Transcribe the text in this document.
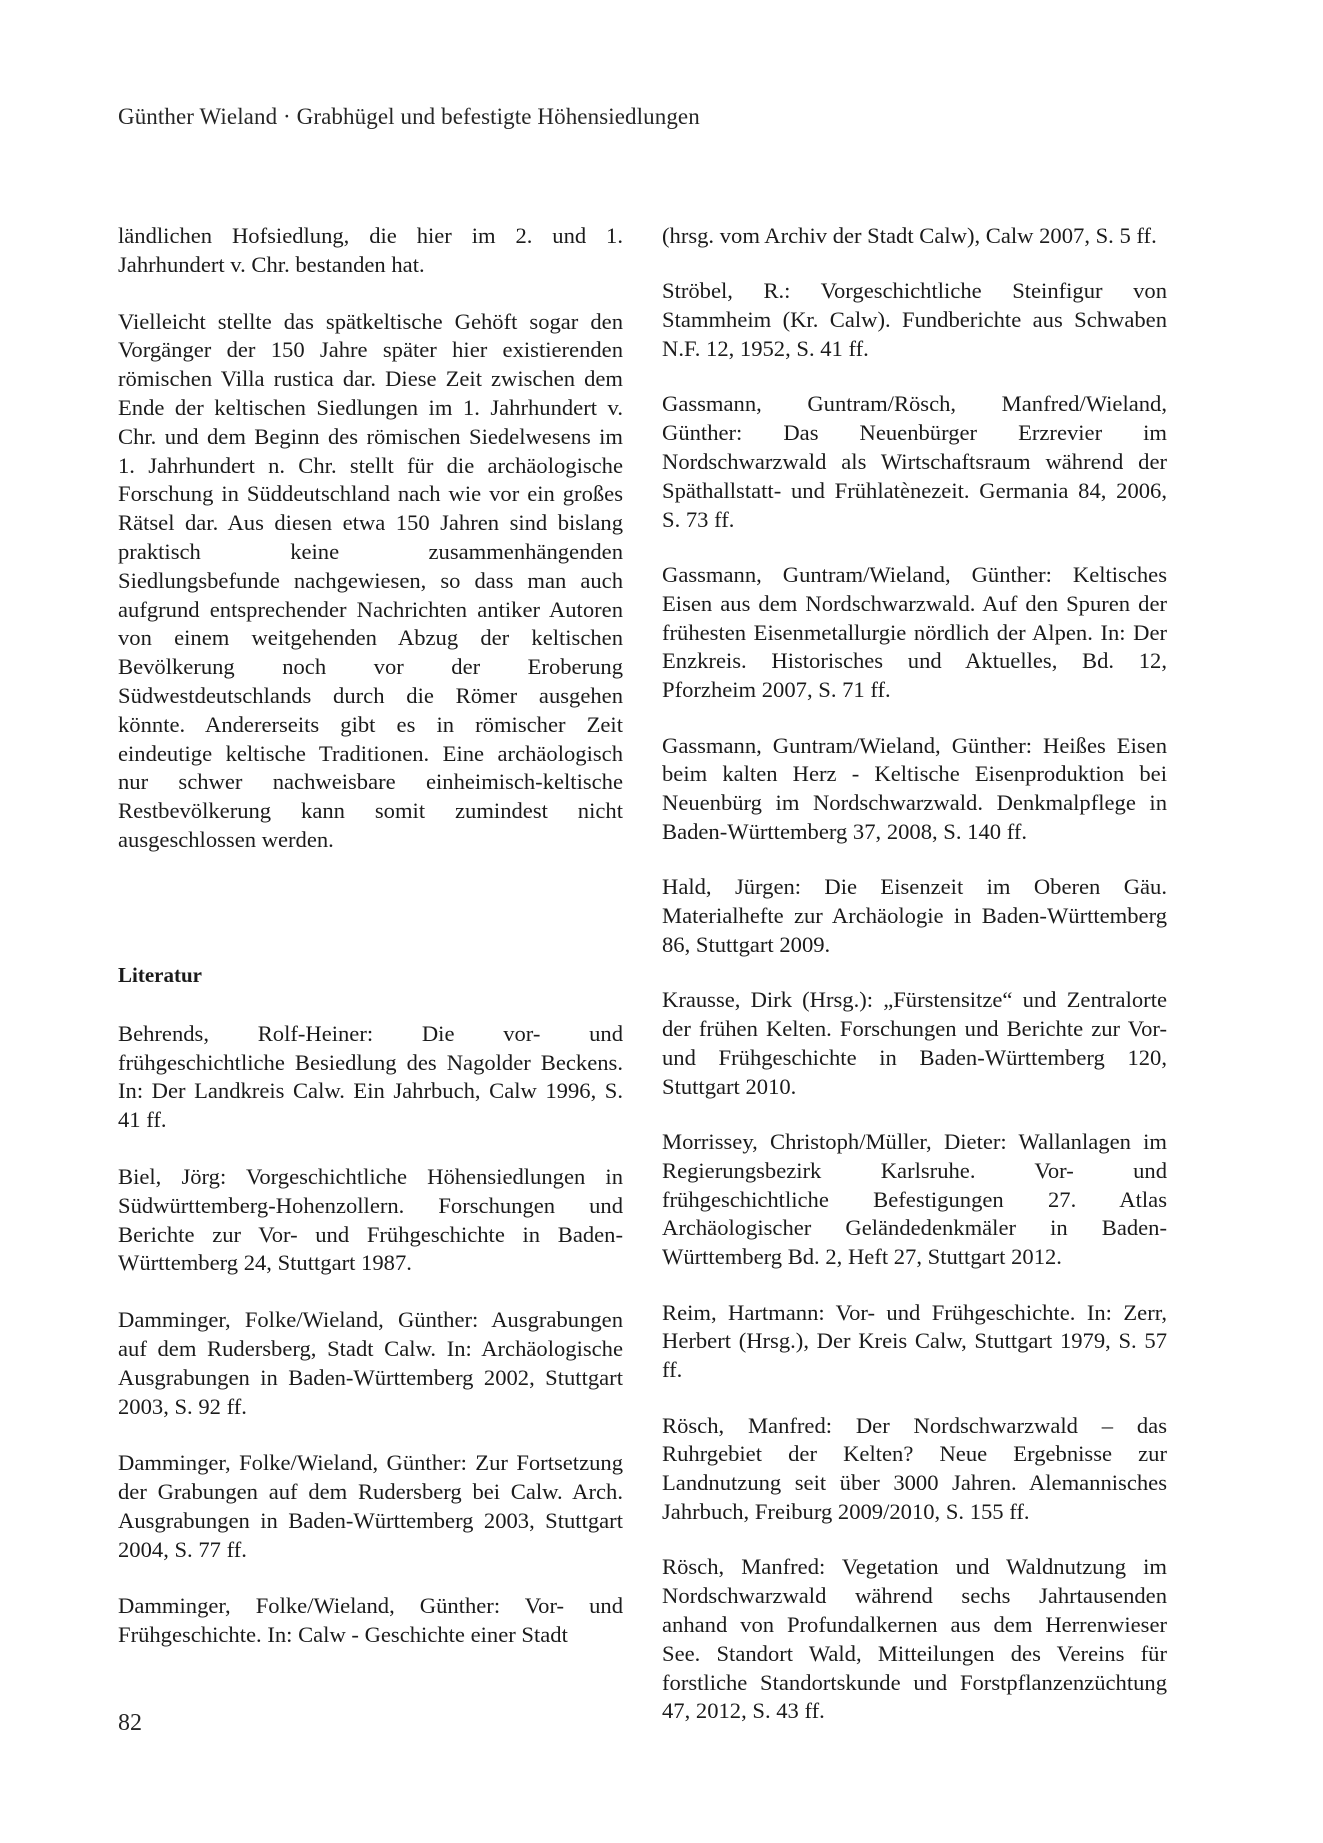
Günther Wieland · Grabhügel und befestigte Höhensiedlungen

ländlichen Hofsiedlung, die hier im 2. und 1. Jahrhundert v. Chr. bestanden hat.

Vielleicht stellte das spätkeltische Gehöft sogar den Vorgänger der 150 Jahre später hier existierenden römischen Villa rustica dar. Diese Zeit zwischen dem Ende der keltischen Siedlungen im 1. Jahrhundert v. Chr. und dem Beginn des römischen Siedelwesens im 1. Jahrhundert n. Chr. stellt für die archäologische Forschung in Süddeutschland nach wie vor ein großes Rätsel dar. Aus diesen etwa 150 Jahren sind bislang praktisch keine zusammenhängenden Siedlungsbefunde nachgewiesen, so dass man auch aufgrund entsprechender Nachrichten antiker Autoren von einem weitgehenden Abzug der keltischen Bevölkerung noch vor der Eroberung Südwestdeutschlands durch die Römer ausgehen könnte. Andererseits gibt es in römischer Zeit eindeutige keltische Traditionen. Eine archäologisch nur schwer nachweisbare einheimisch-keltische Restbevölkerung kann somit zumindest nicht ausgeschlossen werden.

Literatur

Behrends, Rolf-Heiner: Die vor- und frühgeschichtliche Besiedlung des Nagolder Beckens. In: Der Landkreis Calw. Ein Jahrbuch, Calw 1996, S. 41 ff.

Biel, Jörg: Vorgeschichtliche Höhensiedlungen in Südwürttemberg-Hohenzollern. Forschungen und Berichte zur Vor- und Frühgeschichte in Baden-Württemberg 24, Stuttgart 1987.

Damminger, Folke/Wieland, Günther: Ausgrabungen auf dem Rudersberg, Stadt Calw. In: Archäologische Ausgrabungen in Baden-Württemberg 2002, Stuttgart 2003, S. 92 ff.

Damminger, Folke/Wieland, Günther: Zur Fortsetzung der Grabungen auf dem Rudersberg bei Calw. Arch. Ausgrabungen in Baden-Württemberg 2003, Stuttgart 2004, S. 77 ff.

Damminger, Folke/Wieland, Günther: Vor- und Frühgeschichte. In: Calw - Geschichte einer Stadt

(hrsg. vom Archiv der Stadt Calw), Calw 2007, S. 5 ff.

Ströbel, R.: Vorgeschichtliche Steinfigur von Stammheim (Kr. Calw). Fundberichte aus Schwaben N.F. 12, 1952, S. 41 ff.

Gassmann, Guntram/Rösch, Manfred/Wieland, Günther: Das Neuenbürger Erzrevier im Nordschwarzwald als Wirtschaftsraum während der Späthallstatt- und Frühlatènezeit. Germania 84, 2006, S. 73 ff.

Gassmann, Guntram/Wieland, Günther: Keltisches Eisen aus dem Nordschwarzwald. Auf den Spuren der frühesten Eisenmetallurgie nördlich der Alpen. In: Der Enzkreis. Historisches und Aktuelles, Bd. 12, Pforzheim 2007, S. 71 ff.

Gassmann, Guntram/Wieland, Günther: Heißes Eisen beim kalten Herz - Keltische Eisenproduktion bei Neuenbürg im Nordschwarzwald. Denkmalpflege in Baden-Württemberg 37, 2008, S. 140 ff.

Hald, Jürgen: Die Eisenzeit im Oberen Gäu. Materialhefte zur Archäologie in Baden-Württemberg 86, Stuttgart 2009.

Krausse, Dirk (Hrsg.): „Fürstensitze“ und Zentralorte der frühen Kelten. Forschungen und Berichte zur Vor- und Frühgeschichte in Baden-Württemberg 120, Stuttgart 2010.

Morrissey, Christoph/Müller, Dieter: Wallanlagen im Regierungsbezirk Karlsruhe. Vor- und frühgeschichtliche Befestigungen 27. Atlas Archäologischer Geländedenkmäler in Baden-Württemberg Bd. 2, Heft 27, Stuttgart 2012.

Reim, Hartmann: Vor- und Frühgeschichte. In: Zerr, Herbert (Hrsg.), Der Kreis Calw, Stuttgart 1979, S. 57 ff.

Rösch, Manfred: Der Nordschwarzwald – das Ruhrgebiet der Kelten? Neue Ergebnisse zur Landnutzung seit über 3000 Jahren. Alemannisches Jahrbuch, Freiburg 2009/2010, S. 155 ff.

Rösch, Manfred: Vegetation und Waldnutzung im Nordschwarzwald während sechs Jahrtausenden anhand von Profundalkernen aus dem Herrenwieser See. Standort Wald, Mitteilungen des Vereins für forstliche Standortskunde und Forstpflanzenzüchtung 47, 2012, S. 43 ff.

82
